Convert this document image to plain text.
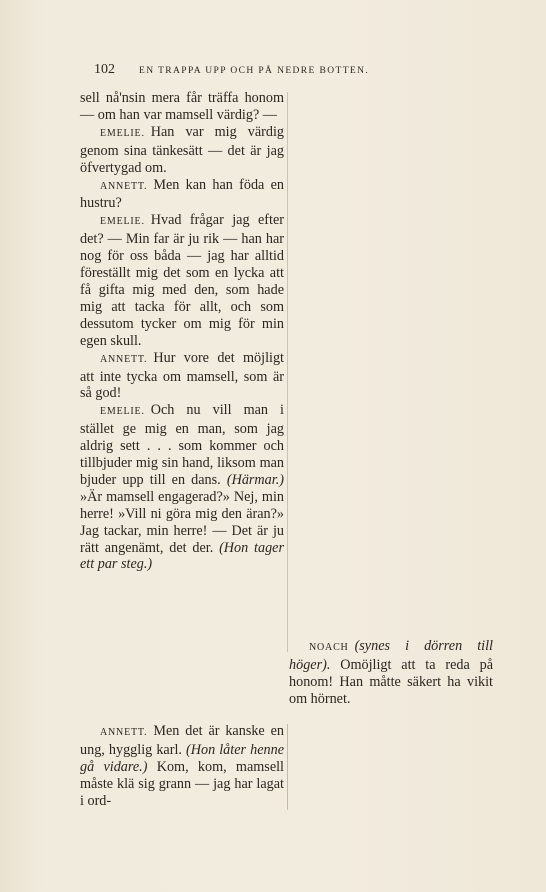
102	EN TRAPPA UPP OCH PÅ NEDRE BOTTEN.

sell nå'nsin mera får träffa honom — om han var mamsell värdig? —

EMELIE. Han var mig värdig genom sina tänkesätt — det är jag öfvertygad om.

ANNETT. Men kan han föda en hustru?

EMELIE. Hvad frågar jag efter det? — Min far är ju rik — han har nog för oss båda — jag har alltid föreställt mig det som en lycka att få gifta mig med den, som hade mig att tacka för allt, och som dessutom tycker om mig för min egen skull.

ANNETT. Hur vore det möjligt att inte tycka om mamsell, som är så god!

EMELIE. Och nu vill man i stället ge mig en man, som jag aldrig sett . . . som kommer och tillbjuder mig sin hand, liksom man bjuder upp till en dans. (Härmar.) »Är mamsell engagerad?» Nej, min herre! »Vill ni göra mig den äran?» Jag tackar, min herre! — Det är ju rätt angenämt, det der. (Hon tager ett par steg.)

NOACH (synes i dörren till höger). Omöjligt att ta reda på honom! Han måtte säkert ha vikit om hörnet.

ANNETT. Men det är kanske en ung, hygglig karl. (Hon låter henne gå vidare.) Kom, kom, mamsell måste klä sig grann — jag har lagat i ord-
